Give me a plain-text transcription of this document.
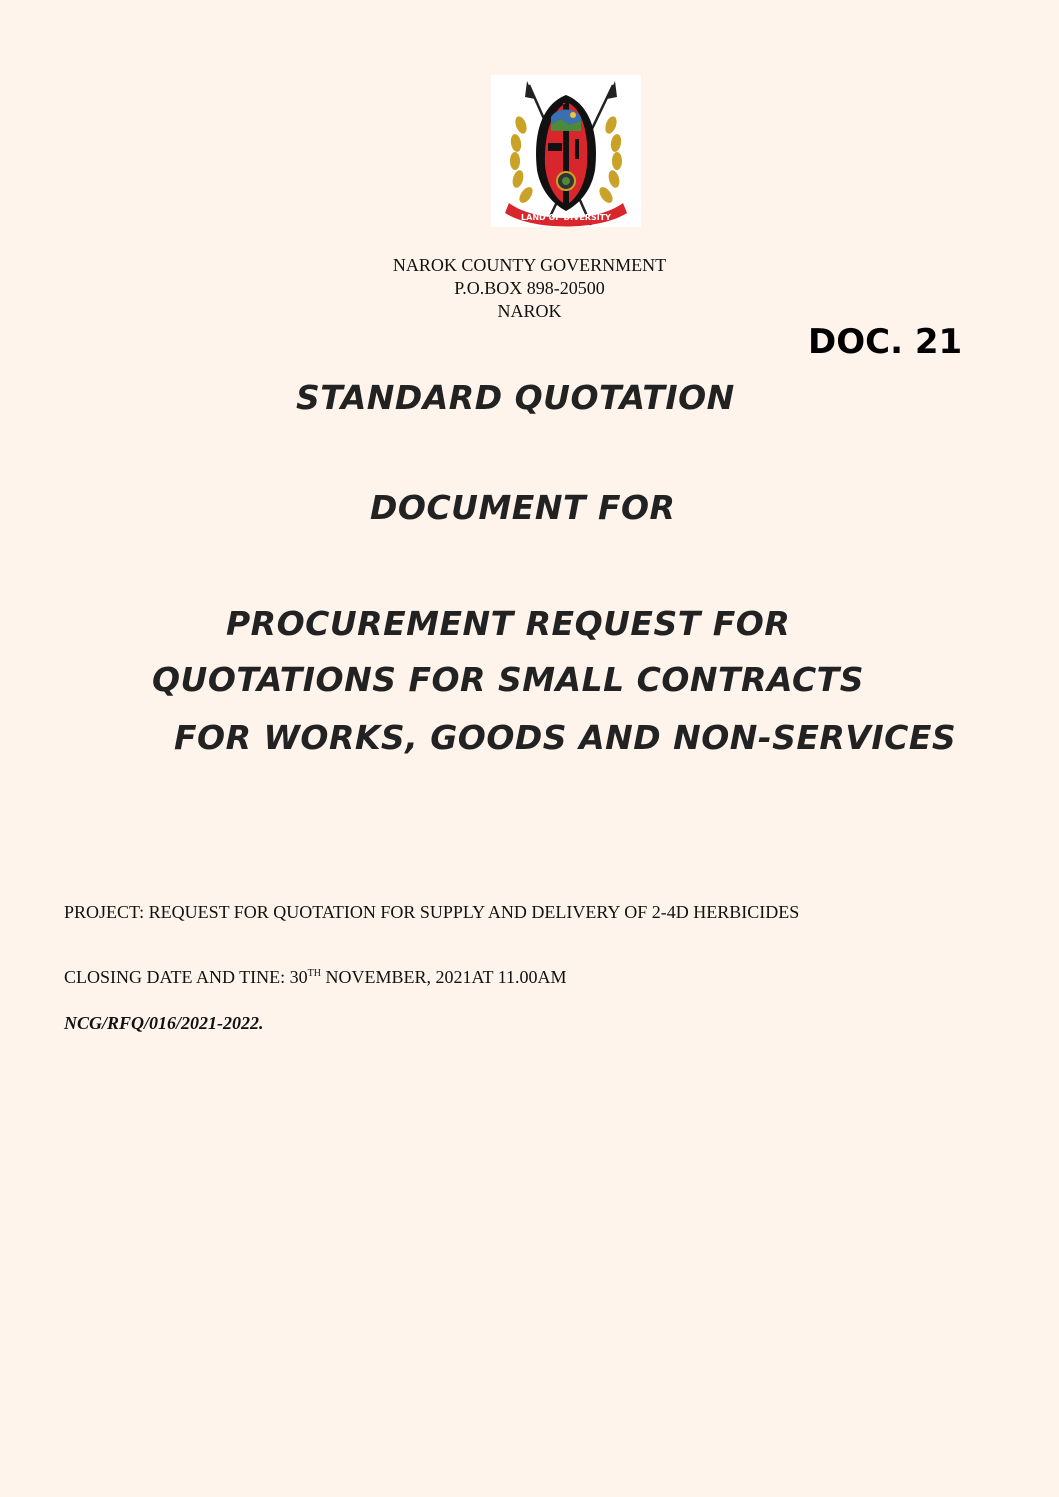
LAND OF DIVERSITY
NAROK COUNTY GOVERNMENT
P.O.BOX 898-20500
NAROK
DOC. 21
STANDARD QUOTATION
DOCUMENT FOR
PROCUREMENT REQUEST FOR
QUOTATIONS FOR SMALL CONTRACTS
FOR WORKS, GOODS AND NON-SERVICES
PROJECT: REQUEST FOR QUOTATION FOR SUPPLY AND DELIVERY OF 2-4D HERBICIDES
CLOSING DATE AND TINE: 30TH NOVEMBER, 2021AT 11.00AM
NCG/RFQ/016/2021-2022.
